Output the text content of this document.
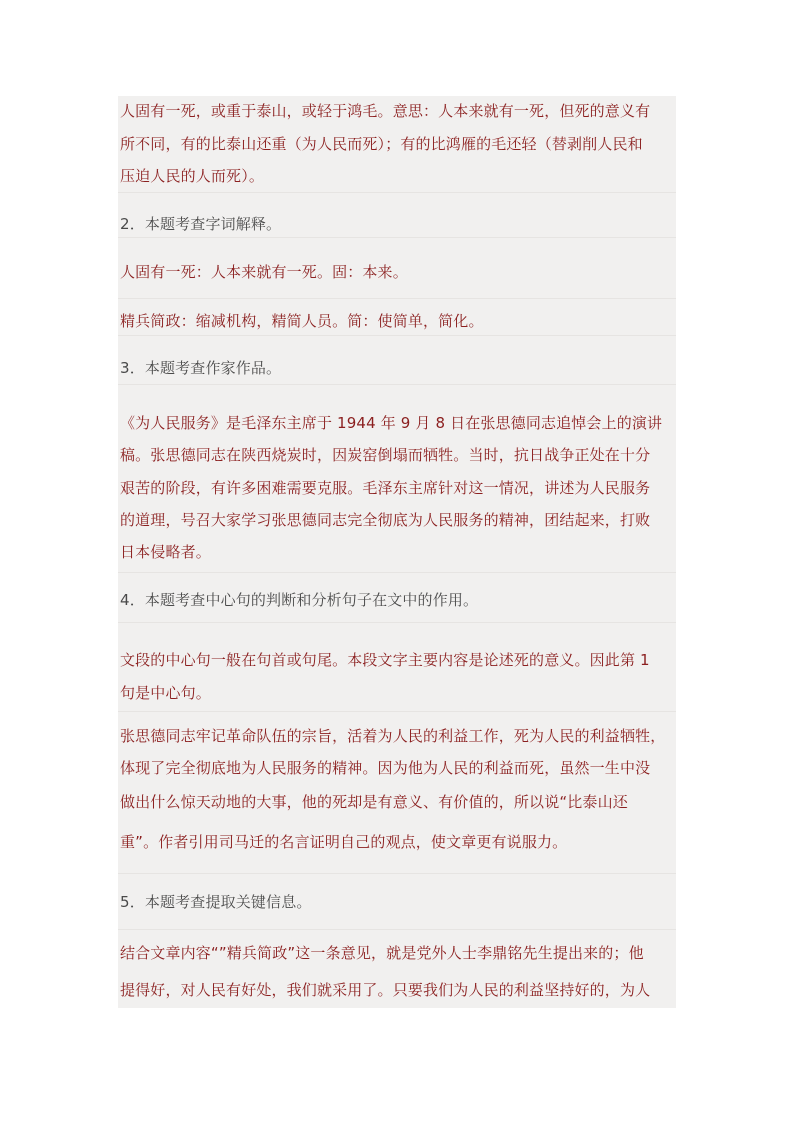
人固有一死，或重于泰山，或轻于鸿毛。意思：人本来就有一死，但死的意义有
所不同，有的比泰山还重（为人民而死）；有的比鸿雁的毛还轻（替剥削人民和
压迫人民的人而死）。
2．本题考查字词解释。
人固有一死：人本来就有一死。固：本来。
精兵简政：缩减机构，精简人员。简：使简单，简化。
3．本题考查作家作品。
《为人民服务》是毛泽东主席于 1944 年 9 月 8 日在张思德同志追悼会上的演讲
稿。张思德同志在陕西烧炭时，因炭窑倒塌而牺牲。当时，抗日战争正处在十分
艰苦的阶段，有许多困难需要克服。毛泽东主席针对这一情况，讲述为人民服务
的道理，号召大家学习张思德同志完全彻底为人民服务的精神，团结起来，打败
日本侵略者。
4．本题考查中心句的判断和分析句子在文中的作用。
文段的中心句一般在句首或句尾。本段文字主要内容是论述死的意义。因此第 1
句是中心句。
张思德同志牢记革命队伍的宗旨，活着为人民的利益工作，死为人民的利益牺牲，
体现了完全彻底地为人民服务的精神。因为他为人民的利益而死，虽然一生中没
做出什么惊天动地的大事，他的死却是有意义、有价值的，所以说“比泰山还
重”。作者引用司马迁的名言证明自己的观点，使文章更有说服力。
5．本题考查提取关键信息。
结合文章内容“”精兵简政”这一条意见，就是党外人士李鼎铭先生提出来的；他
提得好，对人民有好处，我们就采用了。只要我们为人民的利益坚持好的，为人
